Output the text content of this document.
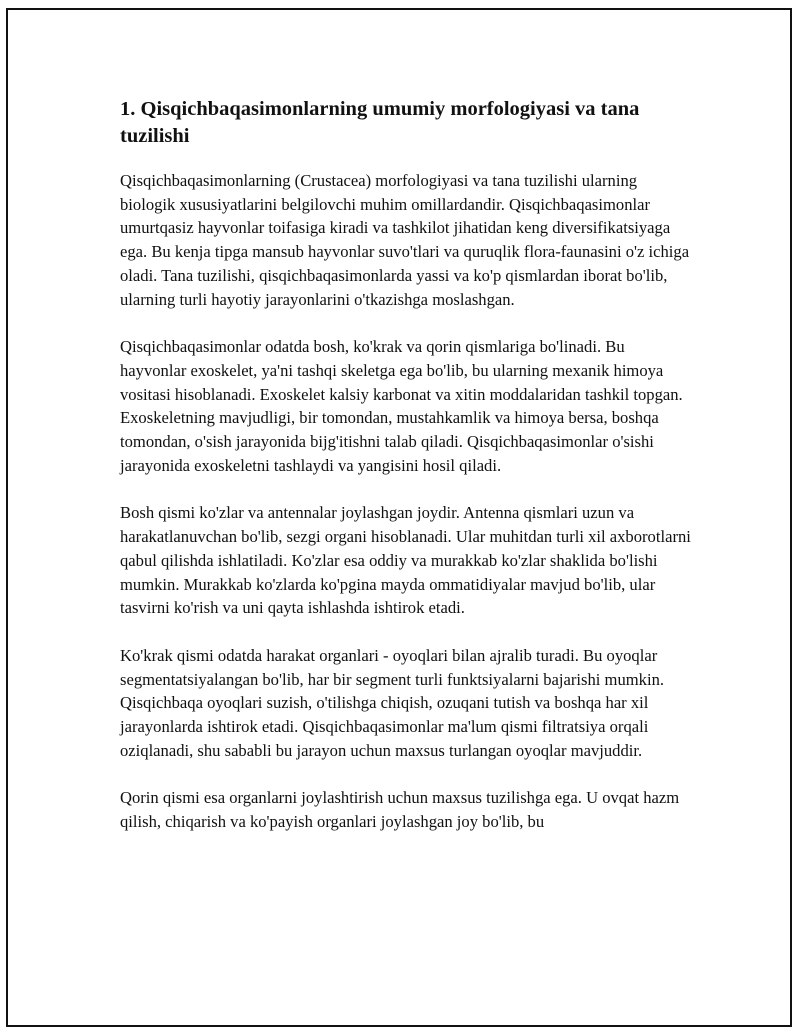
1. Qisqichbaqasimonlarning umumiy morfologiyasi va tana tuzilishi

Qisqichbaqasimonlarning (Crustacea) morfologiyasi va tana tuzilishi ularning biologik xususiyatlarini belgilovchi muhim omillardandir. Qisqichbaqasimonlar umurtqasiz hayvonlar toifasiga kiradi va tashkilot jihatidan keng diversifikatsiyaga ega. Bu kenja tipga mansub hayvonlar suvo'tlari va quruqlik flora-faunasini o'z ichiga oladi. Tana tuzilishi, qisqichbaqasimonlarda yassi va ko'p qismlardan iborat bo'lib, ularning turli hayotiy jarayonlarini o'tkazishga moslashgan.

Qisqichbaqasimonlar odatda bosh, ko'krak va qorin qismlariga bo'linadi. Bu hayvonlar exoskelet, ya'ni tashqi skeletga ega bo'lib, bu ularning mexanik himoya vositasi hisoblanadi. Exoskelet kalsiy karbonat va xitin moddalaridan tashkil topgan. Exoskeletning mavjudligi, bir tomondan, mustahkamlik va himoya bersa, boshqa tomondan, o'sish jarayonida bijg'itishni talab qiladi. Qisqichbaqasimonlar o'sishi jarayonida exoskeletni tashlaydi va yangisini hosil qiladi.

Bosh qismi ko'zlar va antennalar joylashgan joydir. Antenna qismlari uzun va harakatlanuvchan bo'lib, sezgi organi hisoblanadi. Ular muhitdan turli xil axborotlarni qabul qilishda ishlatiladi. Ko'zlar esa oddiy va murakkab ko'zlar shaklida bo'lishi mumkin. Murakkab ko'zlarda ko'pgina mayda ommatidiyalar mavjud bo'lib, ular tasvirni ko'rish va uni qayta ishlashda ishtirok etadi.

Ko'krak qismi odatda harakat organlari - oyoqlari bilan ajralib turadi. Bu oyoqlar segmentatsiyalangan bo'lib, har bir segment turli funktsiyalarni bajarishi mumkin. Qisqichbaqa oyoqlari suzish, o'tilishga chiqish, ozuqani tutish va boshqa har xil jarayonlarda ishtirok etadi. Qisqichbaqasimonlar ma'lum qismi filtratsiya orqali oziqlanadi, shu sababli bu jarayon uchun maxsus turlangan oyoqlar mavjuddir.

Qorin qismi esa organlarni joylashtirish uchun maxsus tuzilishga ega. U ovqat hazm qilish, chiqarish va ko'payish organlari joylashgan joy bo'lib, bu
